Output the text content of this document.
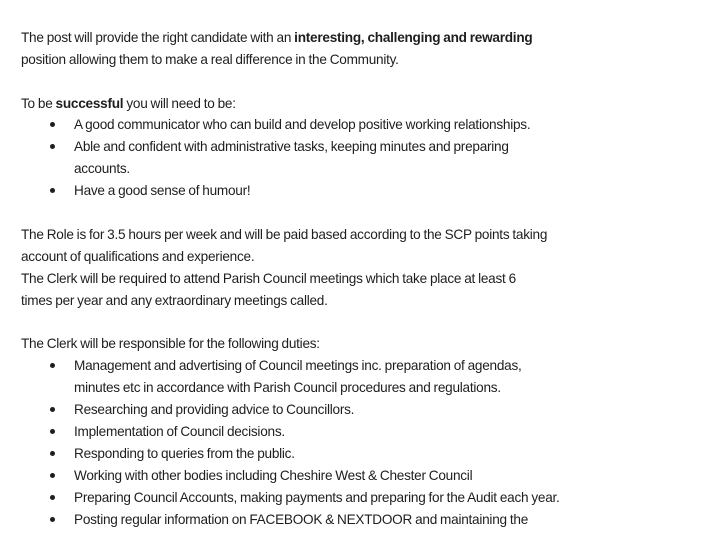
The post will provide the right candidate with an interesting, challenging and rewarding
position allowing them to make a real difference in the Community.

To be successful you will need to be:

A good communicator who can build and develop positive working relationships.
Able and confident with administrative tasks, keeping minutes and preparing
accounts.
Have a good sense of humour!

The Role is for 3.5 hours per week and will be paid based according to the SCP points taking
account of qualifications and experience.
The Clerk will be required to attend Parish Council meetings which take place at least 6
times per year and any extraordinary meetings called.

The Clerk will be responsible for the following duties:

Management and advertising of Council meetings inc. preparation of agendas,
minutes etc in accordance with Parish Council procedures and regulations.
Researching and providing advice to Councillors.
Implementation of Council decisions.
Responding to queries from the public.
Working with other bodies including Cheshire West & Chester Council
Preparing Council Accounts, making payments and preparing for the Audit each year.
Posting regular information on FACEBOOK & NEXTDOOR and maintaining the
